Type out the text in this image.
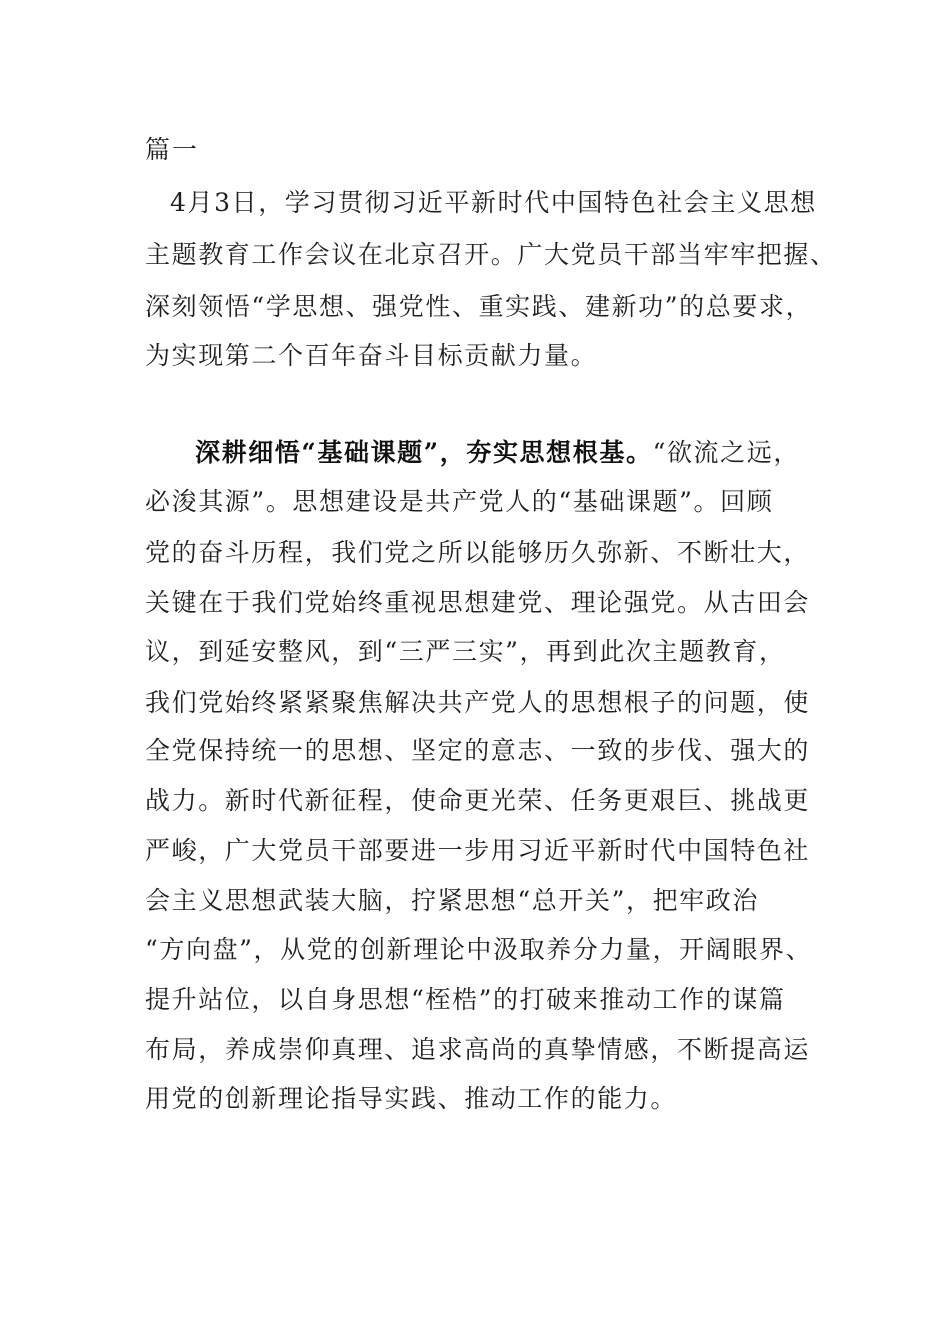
篇一

4月3日，学习贯彻习近平新时代中国特色社会主义思想

主题教育工作会议在北京召开。广大党员干部当牢牢把握、

深刻领悟“学思想、强党性、重实践、建新功”的总要求，

为实现第二个百年奋斗目标贡献力量。

深耕细悟“基础课题”，夯实思想根基。“欲流之远，

必浚其源”。思想建设是共产党人的“基础课题”。回顾

党的奋斗历程，我们党之所以能够历久弥新、不断壮大，

关键在于我们党始终重视思想建党、理论强党。从古田会

议，到延安整风，到“三严三实”，再到此次主题教育，

我们党始终紧紧聚焦解决共产党人的思想根子的问题，使

全党保持统一的思想、坚定的意志、一致的步伐、强大的

战力。新时代新征程，使命更光荣、任务更艰巨、挑战更

严峻，广大党员干部要进一步用习近平新时代中国特色社

会主义思想武装大脑，拧紧思想“总开关”，把牢政治

“方向盘”，从党的创新理论中汲取养分力量，开阔眼界、

提升站位，以自身思想“桎梏”的打破来推动工作的谋篇

布局，养成崇仰真理、追求高尚的真挚情感，不断提高运

用党的创新理论指导实践、推动工作的能力。
